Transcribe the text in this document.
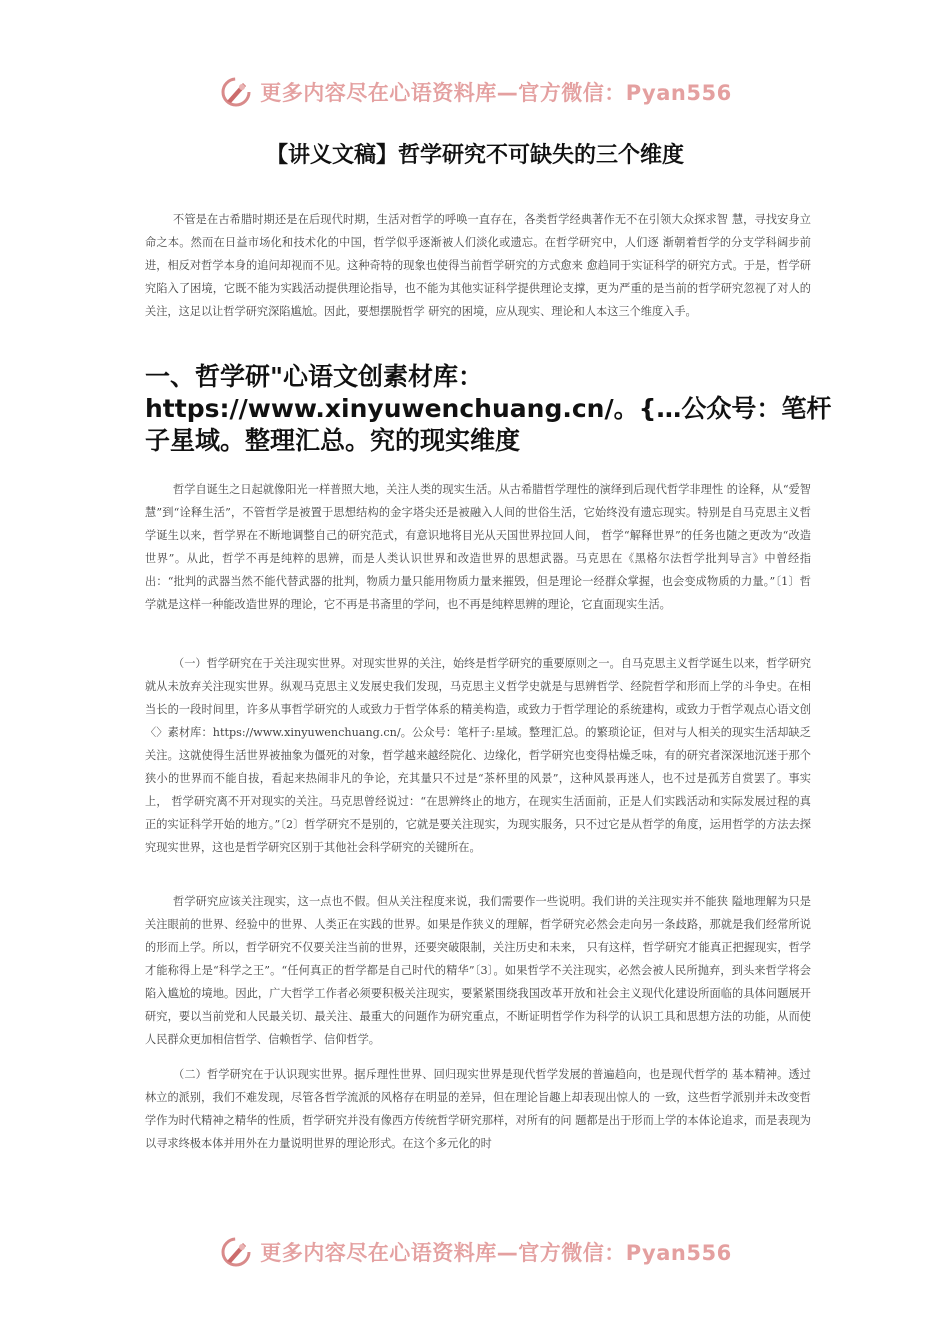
更多内容尽在心语资料库—官方微信：Pyan556
【讲义文稿】哲学研究不可缺失的三个维度

不管是在古希腊时期还是在后现代时期，生活对哲学的呼唤一直存在，各类哲学经典著作无不在引领大众探求智 慧，寻找安身立命之本。然而在日益市场化和技术化的中国，哲学似乎逐渐被人们淡化或遗忘。在哲学研究中，人们逐 渐朝着哲学的分支学科阔步前进，相反对哲学本身的追问却视而不见。这种奇特的现象也使得当前哲学研究的方式愈来 愈趋同于实证科学的研究方式。于是，哲学研究陷入了困境，它既不能为实践活动提供理论指导，也不能为其他实证科学提供理论支撑，更为严重的是当前的哲学研究忽视了对人的关注，这足以让哲学研究深陷尴尬。因此，要想摆脱哲学 研究的困境，应从现实、理论和人本这三个维度入手。

一、哲学研"心语文创素材库：https://www.xinyuwenchuang.cn/。{…公众号：笔杆子星域。整理汇总。究的现实维度

哲学自诞生之日起就像阳光一样普照大地，关注人类的现实生活。从古希腊哲学理性的演绎到后现代哲学非理性 的诠释，从“爱智慧”到“诠释生活”，不管哲学是被置于思想结构的金字塔尖还是被融入人间的世俗生活，它始终没有遗忘现实。特别是自马克思主义哲学诞生以来，哲学界在不断地调整自己的研究范式，有意识地将目光从天国世界拉回人间， 哲学“解释世界”的任务也随之更改为“改造世界”。从此，哲学不再是纯粹的思辨，而是人类认识世界和改造世界的思想武器。马克思在《黑格尔法哲学批判导言》中曾经指出：“批判的武器当然不能代替武器的批判，物质力量只能用物质力量来摧毁，但是理论一经群众掌握，也会变成物质的力量。”〔1〕哲学就是这样一种能改造世界的理论，它不再是书斋里的学问，也不再是纯粹思辨的理论，它直面现实生活。

（一）哲学研究在于关注现实世界。对现实世界的关注，始终是哲学研究的重要原则之一。自马克思主义哲学诞生以来，哲学研究就从未放弃关注现实世界。纵观马克思主义发展史我们发现，马克思主义哲学史就是与思辨哲学、经院哲学和形而上学的斗争史。在相当长的一段时间里，许多从事哲学研究的人或致力于哲学体系的精美构造，或致力于哲学理论的系统建构，或致力于哲学观点心语文创〈〉素材库：https://www.xinyuwenchuang.cn/。公众号：笔杆子:星域。整理汇总。的繁琐论证，但对与人相关的现实生活却缺乏关注。这就使得生活世界被抽象为僵死的对象，哲学越来越经院化、边缘化，哲学研究也变得枯燥乏味，有的研究者深深地沉迷于那个狭小的世界而不能自拔，看起来热闹非凡的争论，充其量只不过是“茶杯里的风景”，这种风景再迷人，也不过是孤芳自赏罢了。事实上， 哲学研究离不开对现实的关注。马克思曾经说过：“在思辨终止的地方，在现实生活面前，正是人们实践活动和实际发展过程的真正的实证科学开始的地方。”〔2〕哲学研究不是别的，它就是要关注现实，为现实服务，只不过它是从哲学的角度，运用哲学的方法去探究现实世界，这也是哲学研究区别于其他社会科学研究的关键所在。

哲学研究应该关注现实，这一点也不假。但从关注程度来说，我们需要作一些说明。我们讲的关注现实并不能狭 隘地理解为只是关注眼前的世界、经验中的世界、人类正在实践的世界。如果是作狭义的理解，哲学研究必然会走向另一条歧路，那就是我们经常所说的形而上学。所以，哲学研究不仅要关注当前的世界，还要突破限制，关注历史和未来， 只有这样，哲学研究才能真正把握现实，哲学才能称得上是“科学之王”。“任何真正的哲学都是自己时代的精华”〔3〕。如果哲学不关注现实，必然会被人民所抛弃，到头来哲学将会陷入尴尬的境地。因此，广大哲学工作者必须要积极关注现实，要紧紧围绕我国改革开放和社会主义现代化建设所面临的具体问题展开研究，要以当前党和人民最关切、最关注、最重大的问题作为研究重点，不断证明哲学作为科学的认识工具和思想方法的功能，从而使人民群众更加相信哲学、信赖哲学、信仰哲学。

（二）哲学研究在于认识现实世界。据斥理性世界、回归现实世界是现代哲学发展的普遍趋向，也是现代哲学的 基本精神。透过林立的派别，我们不难发现，尽管各哲学流派的风格存在明显的差异，但在理论旨趣上却表现出惊人的 一致，这些哲学派别并未改变哲学作为时代精神之精华的性质，哲学研究并没有像西方传统哲学研究那样，对所有的问 题都是出于形而上学的本体论追求，而是表现为以寻求终极本体并用外在力量说明世界的理论形式。在这个多元化的时

更多内容尽在心语资料库—官方微信：Pyan556
